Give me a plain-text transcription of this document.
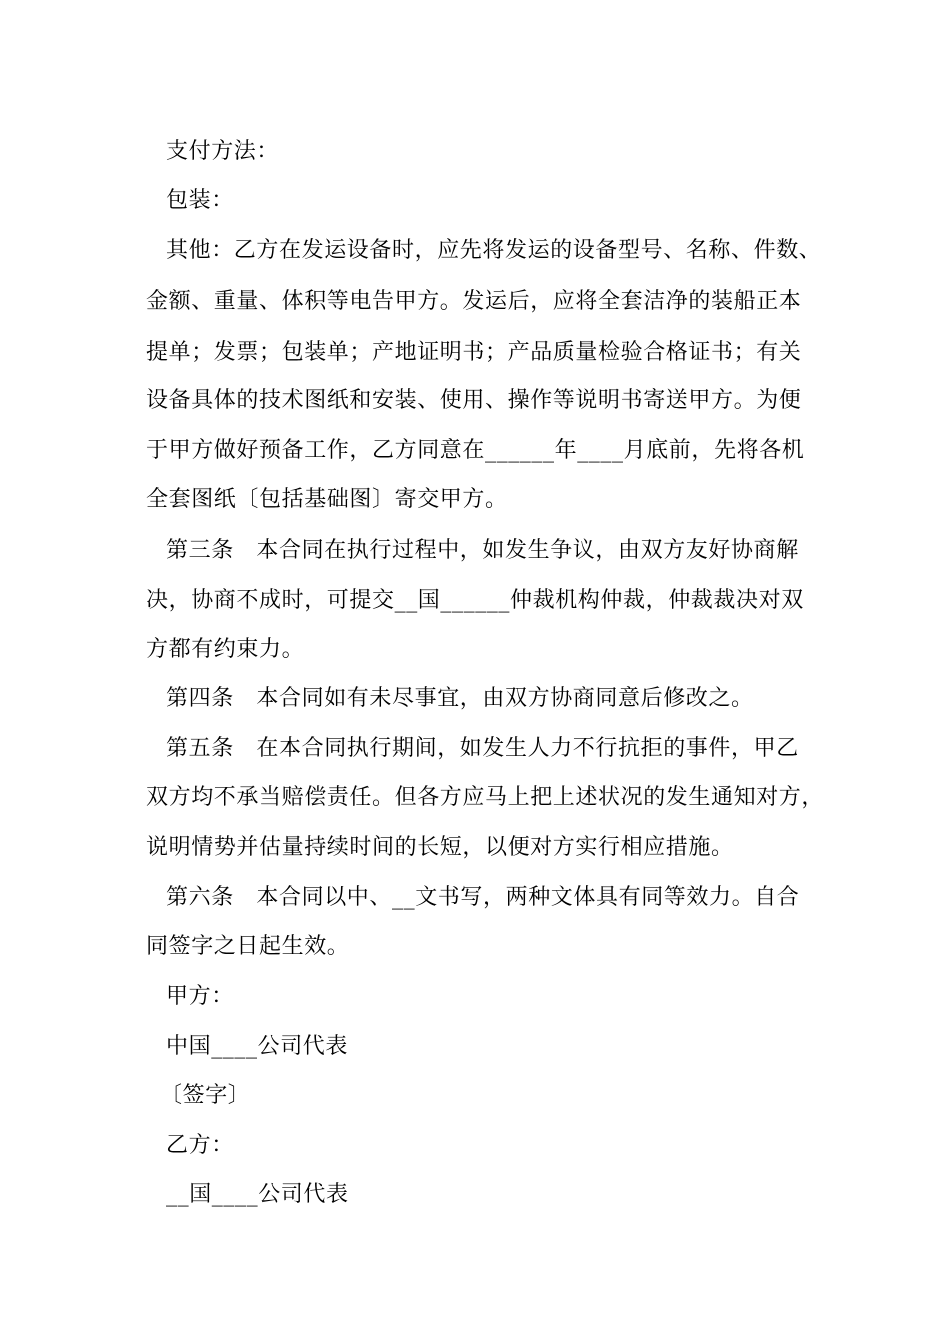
支付方法：

包装：

其他：乙方在发运设备时，应先将发运的设备型号、名称、件数、

金额、重量、体积等电告甲方。发运后，应将全套洁净的装船正本

提单；发票；包装单；产地证明书；产品质量检验合格证书；有关

设备具体的技术图纸和安装、使用、操作等说明书寄送甲方。为便

于甲方做好预备工作，乙方同意在______年____月底前，先将各机

全套图纸〔包括基础图〕寄交甲方。

第三条　本合同在执行过程中，如发生争议，由双方友好协商解

决，协商不成时，可提交__国______仲裁机构仲裁，仲裁裁决对双

方都有约束力。

第四条　本合同如有未尽事宜，由双方协商同意后修改之。

第五条　在本合同执行期间，如发生人力不行抗拒的事件，甲乙

双方均不承当赔偿责任。但各方应马上把上述状况的发生通知对方，

说明情势并估量持续时间的长短，以便对方实行相应措施。

第六条　本合同以中、__文书写，两种文体具有同等效力。自合

同签字之日起生效。

甲方：

中国____公司代表

〔签字〕

乙方：

__国____公司代表
